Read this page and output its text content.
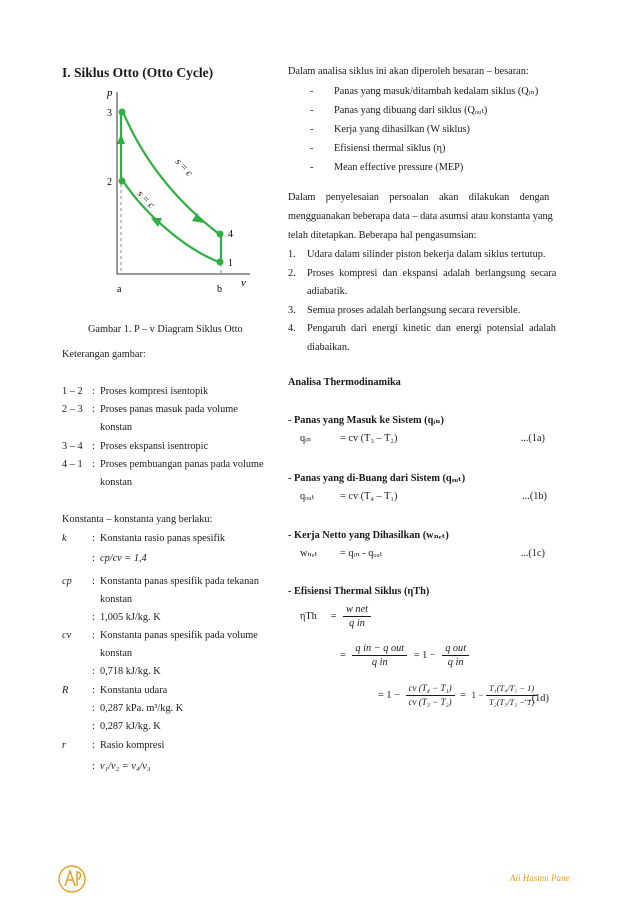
I. Siklus Otto (Otto Cycle)
p
v
3
2
4
1
s = c
s = c
a	b
Gambar 1. P – v Diagram Siklus Otto
Keterangan gambar:
1 – 2 : Proses kompresi isentopik
2 – 3 : Proses panas masuk pada volume
konstan
3 – 4 : Proses ekspansi isentropic
4 – 1 : Proses pembuangan panas pada volume
konstan
Konstanta – konstanta yang berlaku:
k : Konstanta rasio panas spesifik
: cp/cv = 1,4
cp : Konstanta panas spesifik pada tekanan
konstan
: 1,005 kJ/kg. K
cv : Konstanta panas spesifik pada volume
konstan
: 0,718 kJ/kg. K
R : Konstanta udara
: 0,287 kPa. m³/kg. K
: 0,287 kJ/kg. K
r	: Rasio kompresi
: v₁/v₂ = v₄/v₃
Dalam analisa siklus ini akan diperoleh besaran – besaran:
- Panas yang masuk/ditambah kedalam siklus (Qᵢₙ)
- Panas yang dibuang dari siklus (Qₒᵤₜ)
- Kerja yang dihasilkan (W siklus)
- Efisiensi thermal siklus (η)
- Mean effective pressure (MEP)
Dalam    penyelesaian    persoalan    akan    dilakukan    dengan
mengguanakan beberapa data – data asumsi atau konstanta yang
telah ditetapkan. Beberapa hal pengasumsian:
1. Udara dalam silinder piston bekerja dalam siklus tertutup.
2. Proses  kompresi  dan  ekspansi  adalah  berlangsung  secara
adiabatik.
3. Semua proses adalah berlangsung secara reversible.
4. Pengaruh  dari  energi  kinetic  dan  energi  potensial  adalah
diabaikan.
Analisa Thermodinamika
- Panas yang Masuk ke Sistem (qᵢₙ)
qᵢₙ	= cv (T₃ – T₂)	...(1a)
- Panas yang di-Buang dari Sistem (qₒᵤₜ)
qₒᵤₜ	= cv (T₄ – T₁)	...(1b)
- Kerja Netto yang Dihasilkan (wₙₑₜ)
wₙₑₜ = qᵢₙ - qₒᵤₜ	...(1c)
- Efisiensi Thermal Siklus (ηTh)
$\eta Th = \frac{\text{w net}}{\text{q in}}$
= $\frac{\text{q in − q out}}{\text{q in}} = 1 - \frac{\text{q out}}{\text{q in}}$
= $1 - \frac{\text{cv (T₄ − T₁)}}{\text{cv (T₃ − T₂)}} = 1 - \frac{\text{T₁(T₄/T₁ − 1)}}{\text{T₂(T₃/T₂ − 1)}}$
...(1d)
Ali Hasimi Pane
